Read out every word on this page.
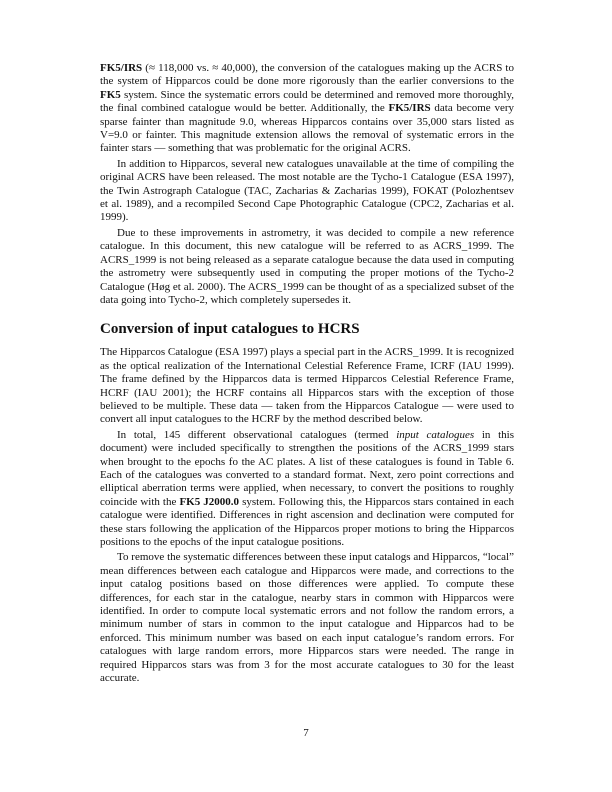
FK5/IRS (≈ 118,000 vs. ≈ 40,000), the conversion of the catalogues making up the ACRS to the system of Hipparcos could be done more rigorously than the earlier conversions to the FK5 system. Since the systematic errors could be determined and removed more thoroughly, the final combined catalogue would be better. Additionally, the FK5/IRS data become very sparse fainter than magnitude 9.0, whereas Hipparcos contains over 35,000 stars listed as V=9.0 or fainter. This magnitude extension allows the removal of systematic errors in the fainter stars — something that was problematic for the original ACRS.

In addition to Hipparcos, several new catalogues unavailable at the time of compiling the original ACRS have been released. The most notable are the Tycho-1 Catalogue (ESA 1997), the Twin Astrograph Catalogue (TAC, Zacharias & Zacharias 1999), FOKAT (Polozhentsev et al. 1989), and a recompiled Second Cape Photographic Catalogue (CPC2, Zacharias et al. 1999).

Due to these improvements in astrometry, it was decided to compile a new reference catalogue. In this document, this new catalogue will be referred to as ACRS_1999. The ACRS_1999 is not being released as a separate catalogue because the data used in computing the astrometry were subsequently used in computing the proper motions of the Tycho-2 Catalogue (Høg et al. 2000). The ACRS_1999 can be thought of as a specialized subset of the data going into Tycho-2, which completely supersedes it.

Conversion of input catalogues to HCRS

The Hipparcos Catalogue (ESA 1997) plays a special part in the ACRS_1999. It is recognized as the optical realization of the International Celestial Reference Frame, ICRF (IAU 1999). The frame defined by the Hipparcos data is termed Hipparcos Celestial Reference Frame, HCRF (IAU 2001); the HCRF contains all Hipparcos stars with the exception of those believed to be multiple. These data — taken from the Hipparcos Catalogue — were used to convert all input catalogues to the HCRF by the method described below.

In total, 145 different observational catalogues (termed input catalogues in this document) were included specifically to strengthen the positions of the ACRS_1999 stars when brought to the epochs fo the AC plates. A list of these catalogues is found in Table 6. Each of the catalogues was converted to a standard format. Next, zero point corrections and elliptical aberration terms were applied, when necessary, to convert the positions to roughly coincide with the FK5 J2000.0 system. Following this, the Hipparcos stars contained in each catalogue were identified. Differences in right ascension and declination were computed for these stars following the application of the Hipparcos proper motions to bring the Hipparcos positions to the epochs of the input catalogue positions.

To remove the systematic differences between these input catalogs and Hipparcos, “local” mean differences between each catalogue and Hipparcos were made, and corrections to the input catalog positions based on those differences were applied. To compute these differences, for each star in the catalogue, nearby stars in common with Hipparcos were identified. In order to compute local systematic errors and not follow the random errors, a minimum number of stars in common to the input catalogue and Hipparcos had to be enforced. This minimum number was based on each input catalogue’s random errors. For catalogues with large random errors, more Hipparcos stars were needed. The range in required Hipparcos stars was from 3 for the most accurate catalogues to 30 for the least accurate.

7
